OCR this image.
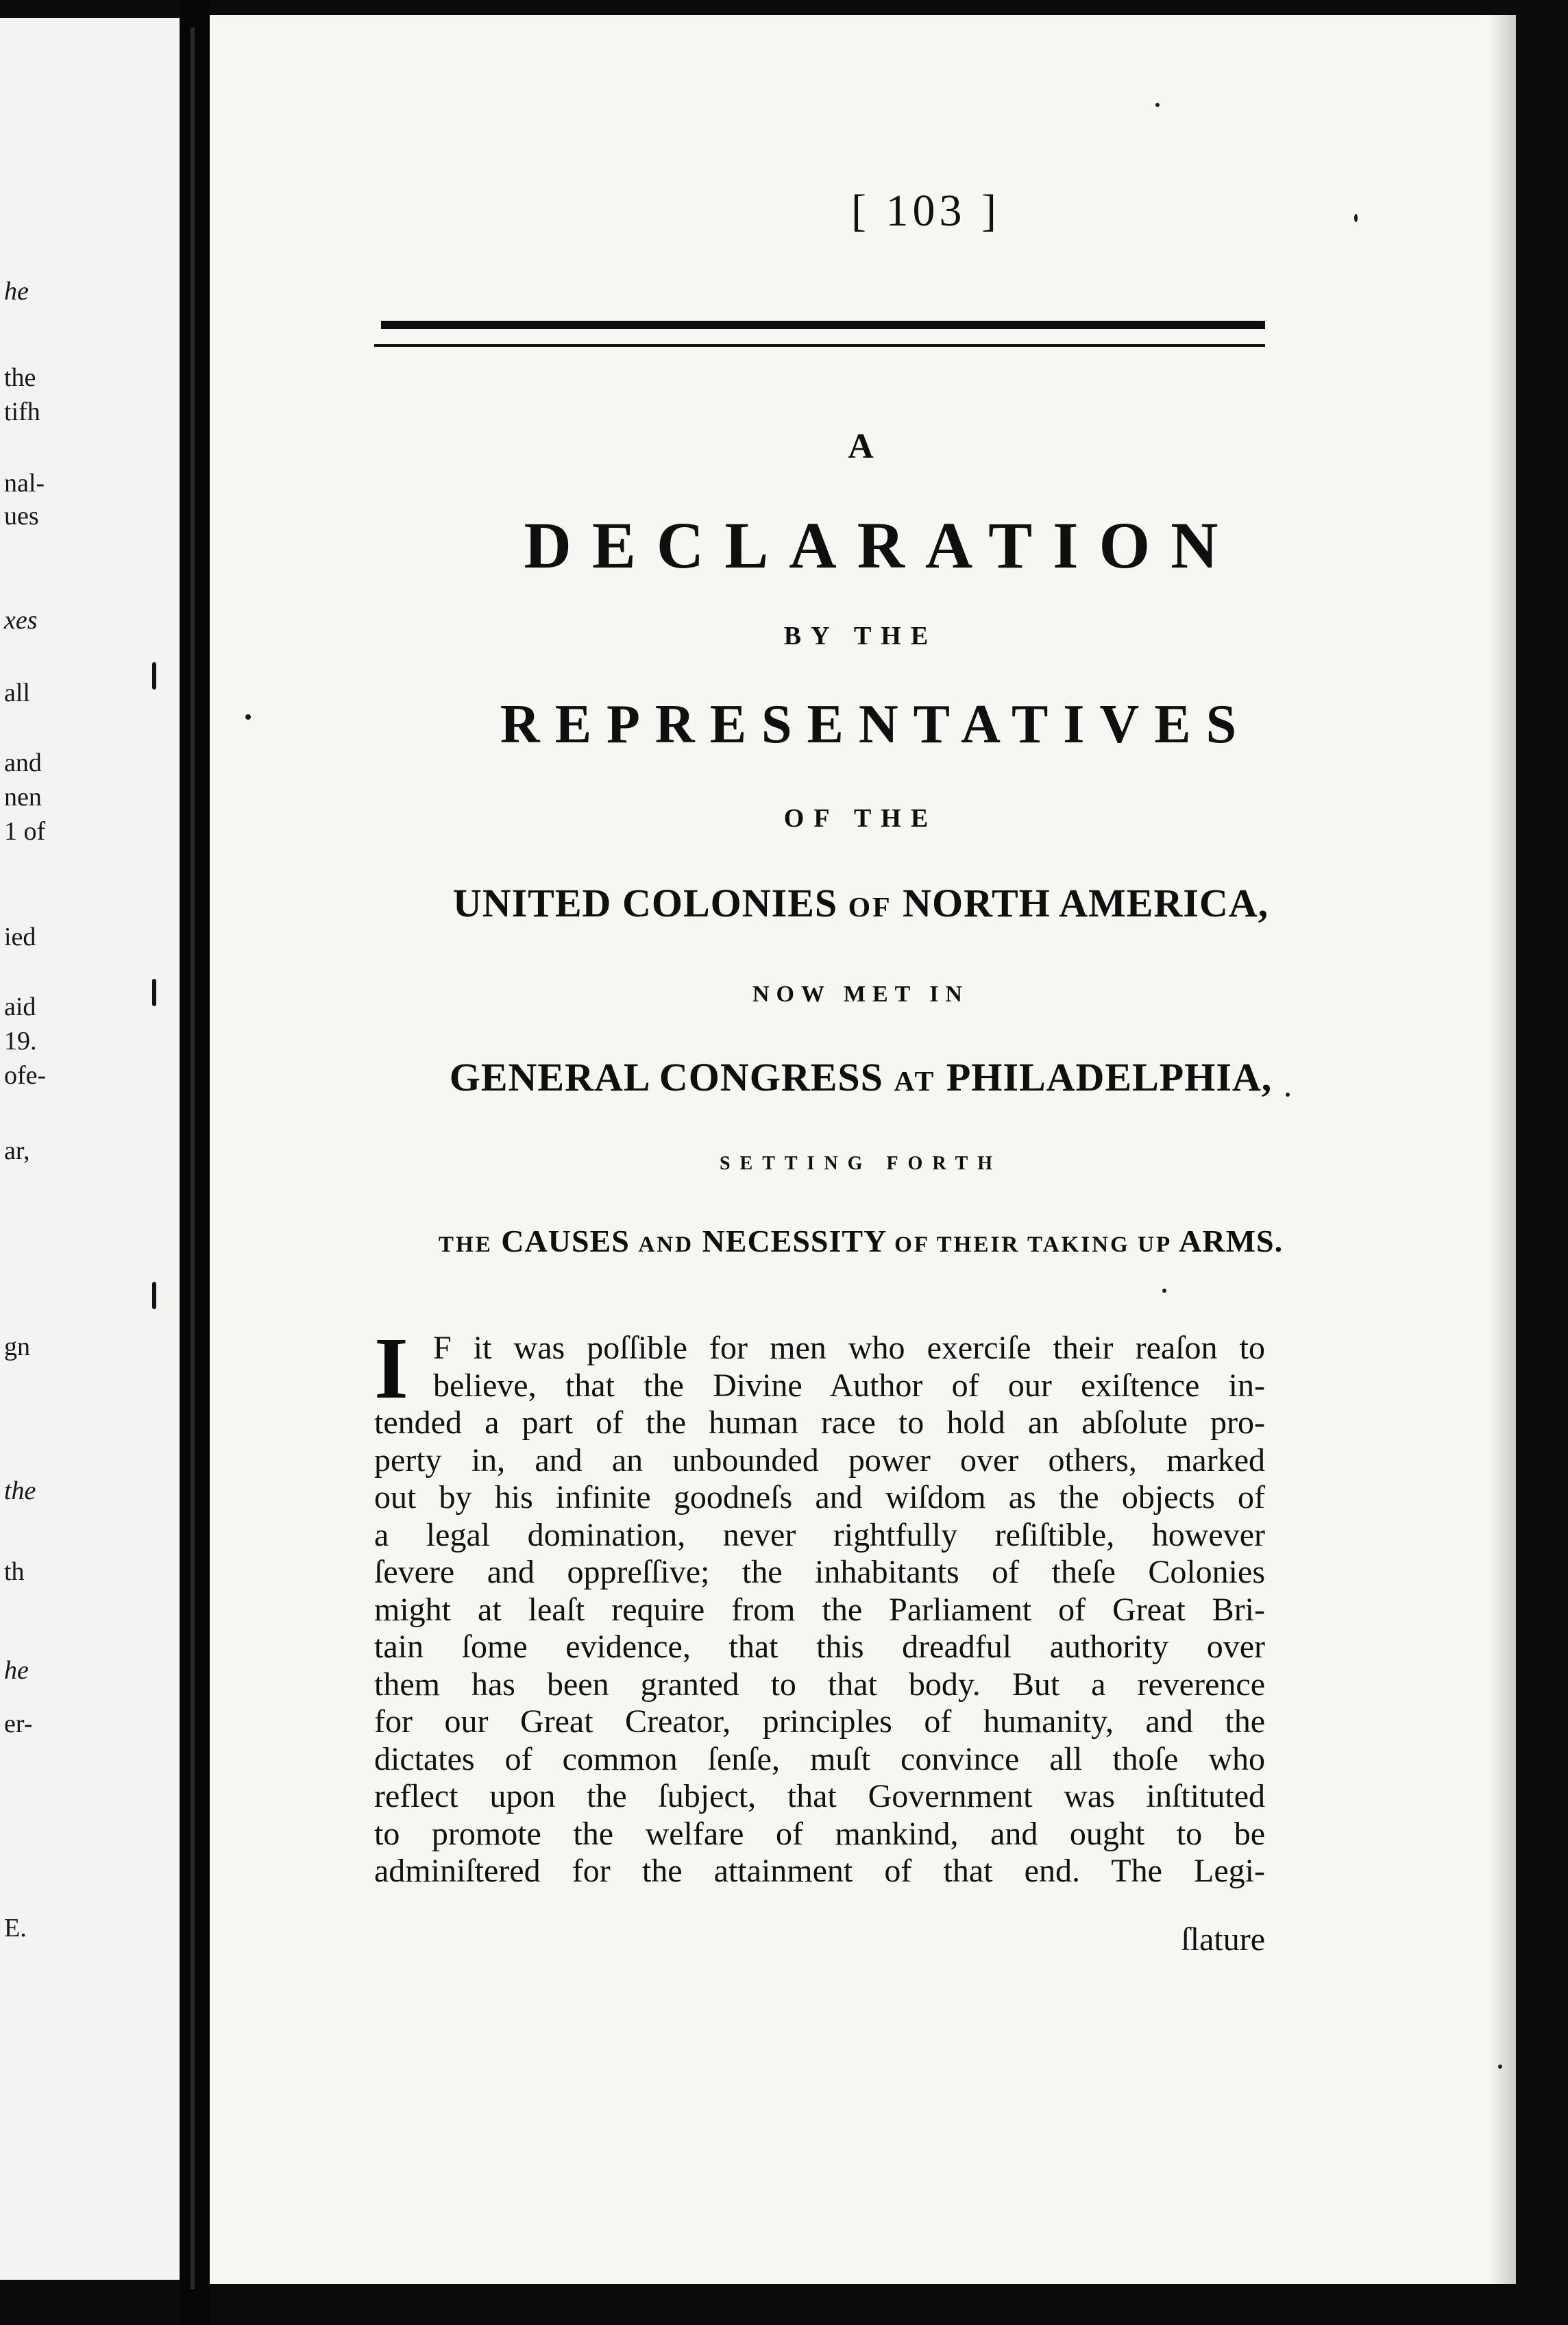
he
the
tifh
nal-
ues
xes
all
and
nen
1 of
ied
aid
19.
ofe-
ar,
gn
the
th
he
er-
E.
[ 103 ]
A
DECLARATION
BY THE
REPRESENTATIVES
OF THE
UNITED COLONIES OF NORTH AMERICA,
NOW MET IN
GENERAL CONGRESS AT PHILADELPHIA,
SETTING FORTH
THE CAUSES AND NECESSITY OF THEIR TAKING UP ARMS.
I F it was poſſible for men who exerciſe their reaſon to
believe, that the Divine Author of our exiſtence in-
tended a part of the human race to hold an abſolute pro-
perty in, and an unbounded power over others, marked
out by his infinite goodneſs and wiſdom as the objects of
a legal domination, never rightfully reſiſtible, however
ſevere and oppreſſive; the inhabitants of theſe Colonies
might at leaſt require from the Parliament of Great Bri-
tain ſome evidence, that this dreadful authority over
them has been granted to that body. But a reverence
for our Great Creator, principles of humanity, and the
dictates of common ſenſe, muſt convince all thoſe who
reflect upon the ſubject, that Government was inſtituted
to promote the welfare of mankind, and ought to be
adminiſtered for the attainment of that end. The Legi-
ſlature
